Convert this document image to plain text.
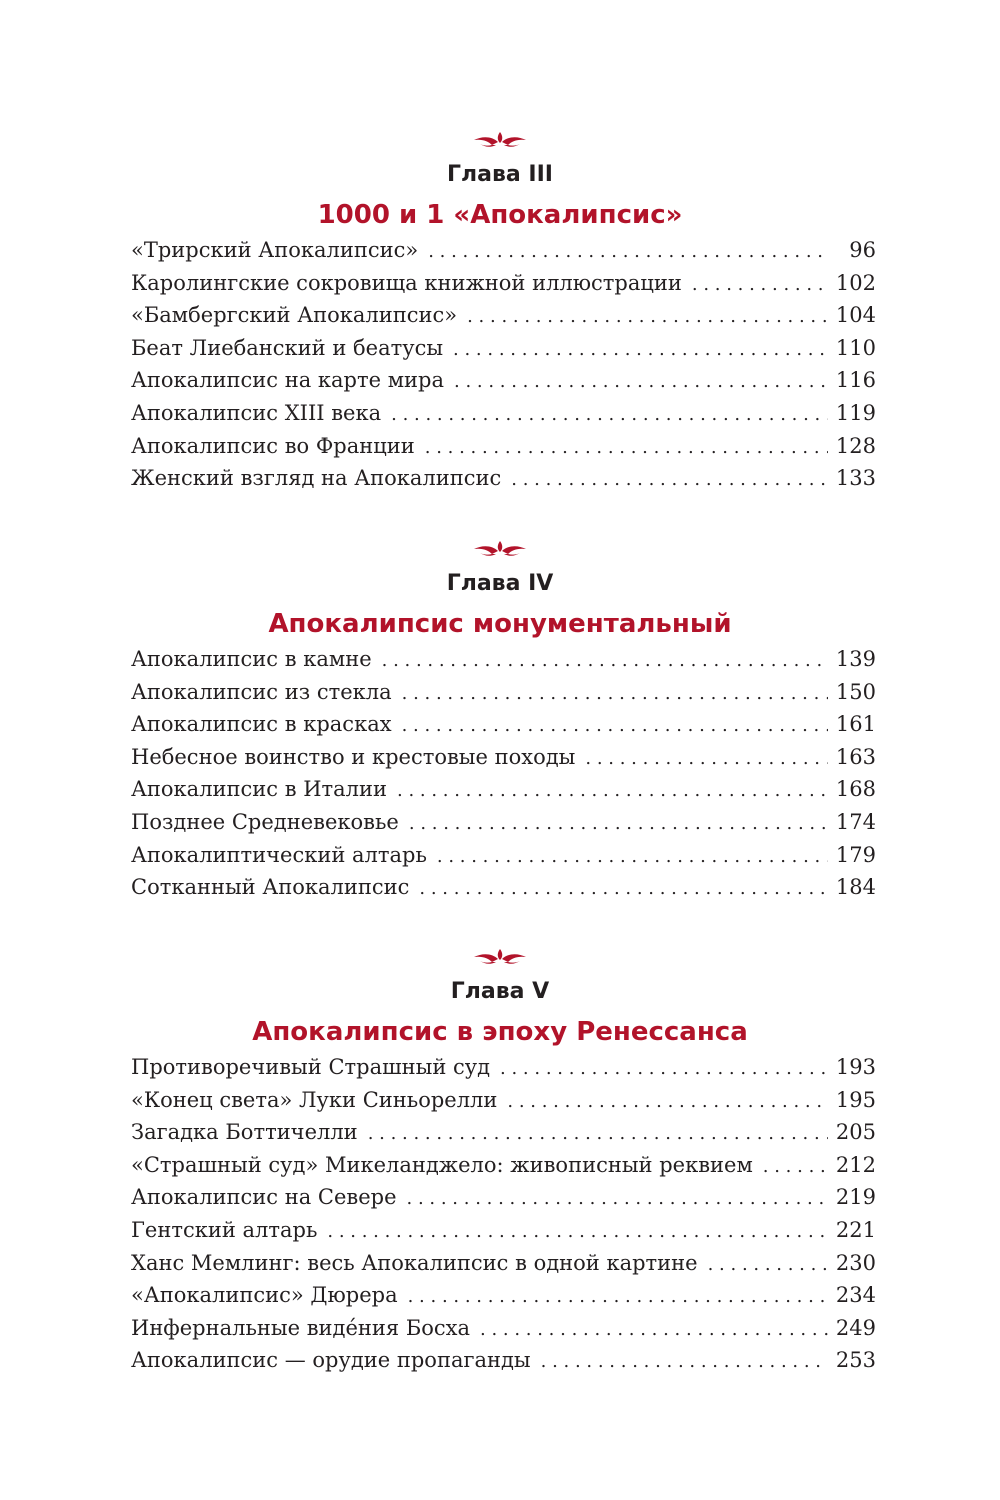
Глава III
1000 и 1 «Апокалипсис»
«Трирский Апокалипсис» . . .	96
Каролингские сокровища книжной иллюстрации . . .	102
«Бамбергский Апокалипсис» . . .	104
Беат Лиебанский и беатусы . . .	110
Апокалипсис на карте мира . . .	116
Апокалипсис XIII века . . .	119
Апокалипсис во Франции . . .	128
Женский взгляд на Апокалипсис . . .	133
Глава IV
Апокалипсис монументальный
Апокалипсис в камне . . .	139
Апокалипсис из стекла . . .	150
Апокалипсис в красках . . .	161
Небесное воинство и крестовые походы . . .	163
Апокалипсис в Италии . . .	168
Позднее Средневековье . . .	174
Апокалиптический алтарь . . .	179
Сотканный Апокалипсис . . .	184
Глава V
Апокалипсис в эпоху Ренессанса
Противоречивый Страшный суд . . .	193
«Конец света» Луки Синьорелли . . .	195
Загадка Боттичелли . . .	205
«Страшный суд» Микеланджело: живописный реквием . . .	212
Апокалипсис на Севере . . .	219
Гентский алтарь . . .	221
Ханс Мемлинг: весь Апокалипсис в одной картине . . .	230
«Апокалипсис» Дюрера . . .	234
Инфернальные видéния Босха . . .	249
Апокалипсис — орудие пропаганды . . .	253
